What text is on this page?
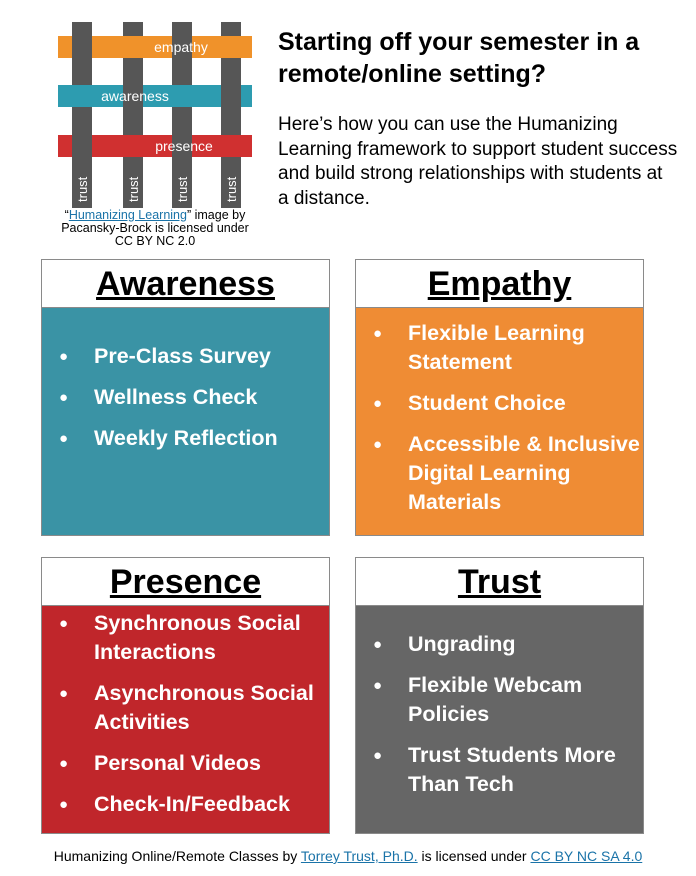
empathy
awareness
presence
trust	trust	trust	trust
“Humanizing Learning” image by Pacansky-Brock is licensed under CC BY NC 2.0
Starting off your semester in a remote/online setting?
Here’s how you can use the Humanizing Learning framework to support student success and build strong relationships with students at a distance.
Awareness
● Pre-Class Survey
● Wellness Check
● Weekly Reflection
Empathy
● Flexible Learning Statement
● Student Choice
● Accessible & Inclusive Digital Learning Materials
Presence
● Synchronous Social Interactions
● Asynchronous Social Activities
● Personal Videos
● Check-In/Feedback
Trust
● Ungrading
● Flexible Webcam Policies
● Trust Students More Than Tech
Humanizing Online/Remote Classes by Torrey Trust, Ph.D. is licensed under CC BY NC SA 4.0
